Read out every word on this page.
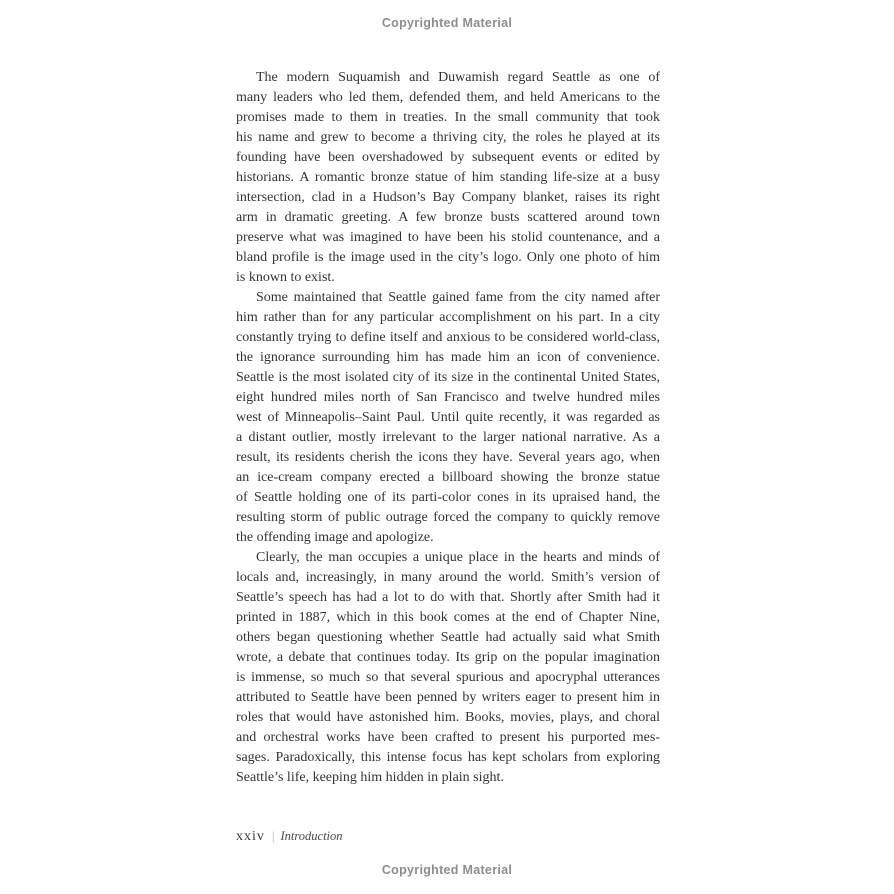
Copyrighted Material
The modern Suquamish and Duwamish regard Seattle as one of
many leaders who led them, defended them, and held Americans to the
promises made to them in treaties. In the small community that took
his name and grew to become a thriving city, the roles he played at its
founding have been overshadowed by subsequent events or edited by
historians. A romantic bronze statue of him standing life-size at a busy
intersection, clad in a Hudson’s Bay Company blanket, raises its right
arm in dramatic greeting. A few bronze busts scattered around town
preserve what was imagined to have been his stolid countenance, and a
bland profile is the image used in the city’s logo. Only one photo of him
is known to exist.
Some maintained that Seattle gained fame from the city named after
him rather than for any particular accomplishment on his part. In a city
constantly trying to define itself and anxious to be considered world-class,
the ignorance surrounding him has made him an icon of convenience.
Seattle is the most isolated city of its size in the continental United States,
eight hundred miles north of San Francisco and twelve hundred miles
west of Minneapolis–Saint Paul. Until quite recently, it was regarded as
a distant outlier, mostly irrelevant to the larger national narrative. As a
result, its residents cherish the icons they have. Several years ago, when
an ice-cream company erected a billboard showing the bronze statue
of Seattle holding one of its parti-color cones in its upraised hand, the
resulting storm of public outrage forced the company to quickly remove
the offending image and apologize.
Clearly, the man occupies a unique place in the hearts and minds of
locals and, increasingly, in many around the world. Smith’s version of
Seattle’s speech has had a lot to do with that. Shortly after Smith had it
printed in 1887, which in this book comes at the end of Chapter Nine,
others began questioning whether Seattle had actually said what Smith
wrote, a debate that continues today. Its grip on the popular imagination
is immense, so much so that several spurious and apocryphal utterances
attributed to Seattle have been penned by writers eager to present him in
roles that would have astonished him. Books, movies, plays, and choral
and orchestral works have been crafted to present his purported mes-
sages. Paradoxically, this intense focus has kept scholars from exploring
Seattle’s life, keeping him hidden in plain sight.
xxiv | Introduction
Copyrighted Material
